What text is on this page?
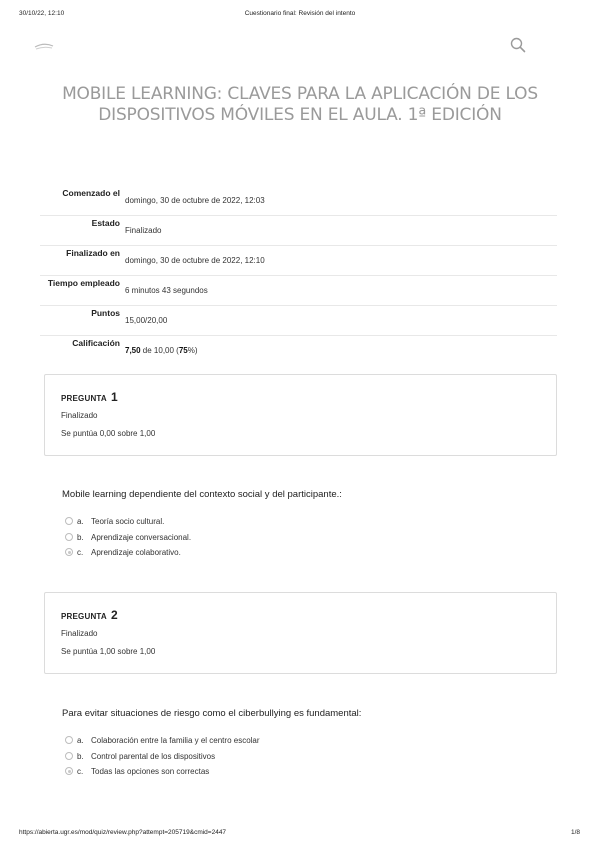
30/10/22, 12:10	Cuestionario final: Revisión del intento
https://abierta.ugr.es/mod/quiz/review.php?attempt=205719&cmid=2447	1/8
MOBILE LEARNING: CLAVES PARA LA APLICACIÓN DE LOS DISPOSITIVOS MÓVILES EN EL AULA. 1ª EDICIÓN
Comenzado el
domingo, 30 de octubre de 2022, 12:03
Estado
Finalizado
Finalizado en
domingo, 30 de octubre de 2022, 12:10
Tiempo empleado
6 minutos 43 segundos
Puntos
15,00/20,00
Calificación
7,50 de 10,00 (75%)
PREGUNTA 1
Finalizado
Se puntúa 0,00 sobre 1,00
Mobile learning dependiente del contexto social y del participante.:
a. Teoría socio cultural.
b. Aprendizaje conversacional.
c. Aprendizaje colaborativo.
PREGUNTA 2
Finalizado
Se puntúa 1,00 sobre 1,00
Para evitar situaciones de riesgo como el ciberbullying es fundamental:
a. Colaboración entre la familia y el centro escolar
b. Control parental de los dispositivos
c. Todas las opciones son correctas
